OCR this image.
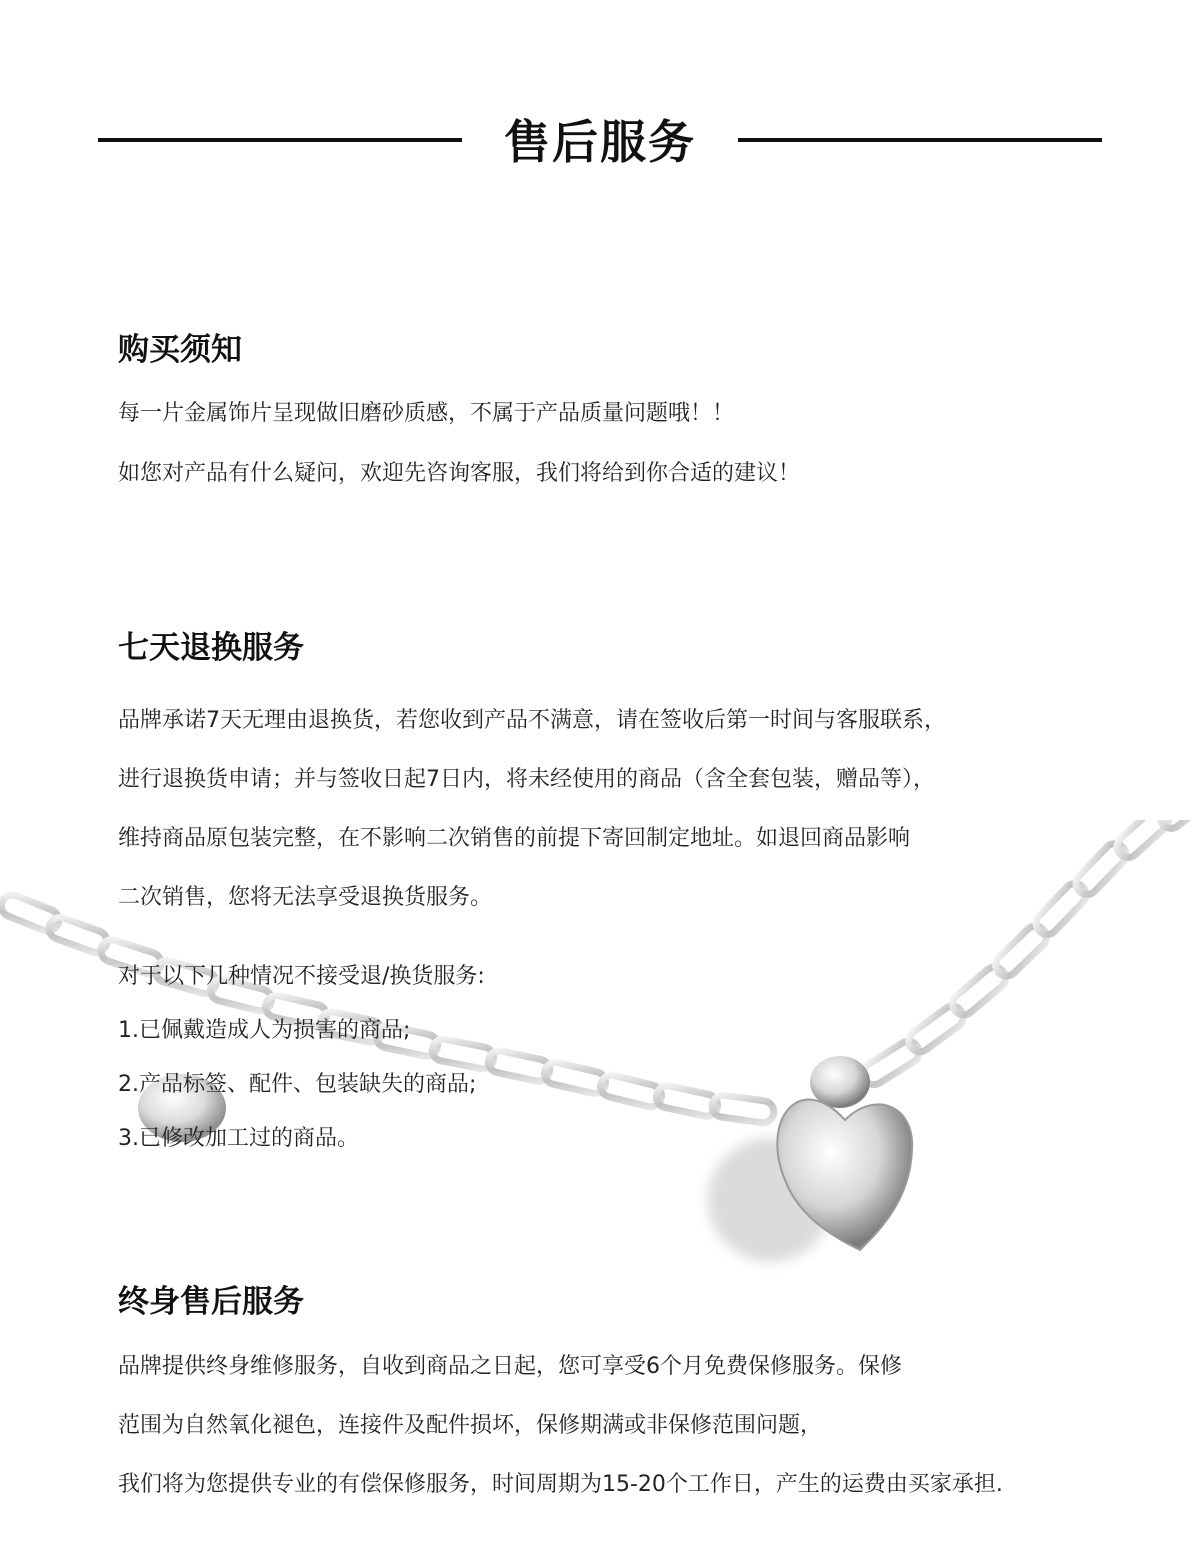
售后服务
购买须知

每一片金属饰片呈现做旧磨砂质感，不属于产品质量问题哦！！

如您对产品有什么疑问，欢迎先咨询客服，我们将给到你合适的建议！

七天退换服务

品牌承诺7天无理由退换货，若您收到产品不满意，请在签收后第一时间与客服联系，

进行退换货申请；并与签收日起7日内，将未经使用的商品（含全套包装，赠品等），

维持商品原包装完整，在不影响二次销售的前提下寄回制定地址。如退回商品影响

二次销售，您将无法享受退换货服务。

对于以下几种情况不接受退/换货服务:

1.已佩戴造成人为损害的商品;

2.产品标签、配件、包装缺失的商品;

3.已修改加工过的商品。

终身售后服务

品牌提供终身维修服务，自收到商品之日起，您可享受6个月免费保修服务。保修

范围为自然氧化褪色，连接件及配件损坏，保修期满或非保修范围问题，

我们将为您提供专业的有偿保修服务，时间周期为15-20个工作日，产生的运费由买家承担.
